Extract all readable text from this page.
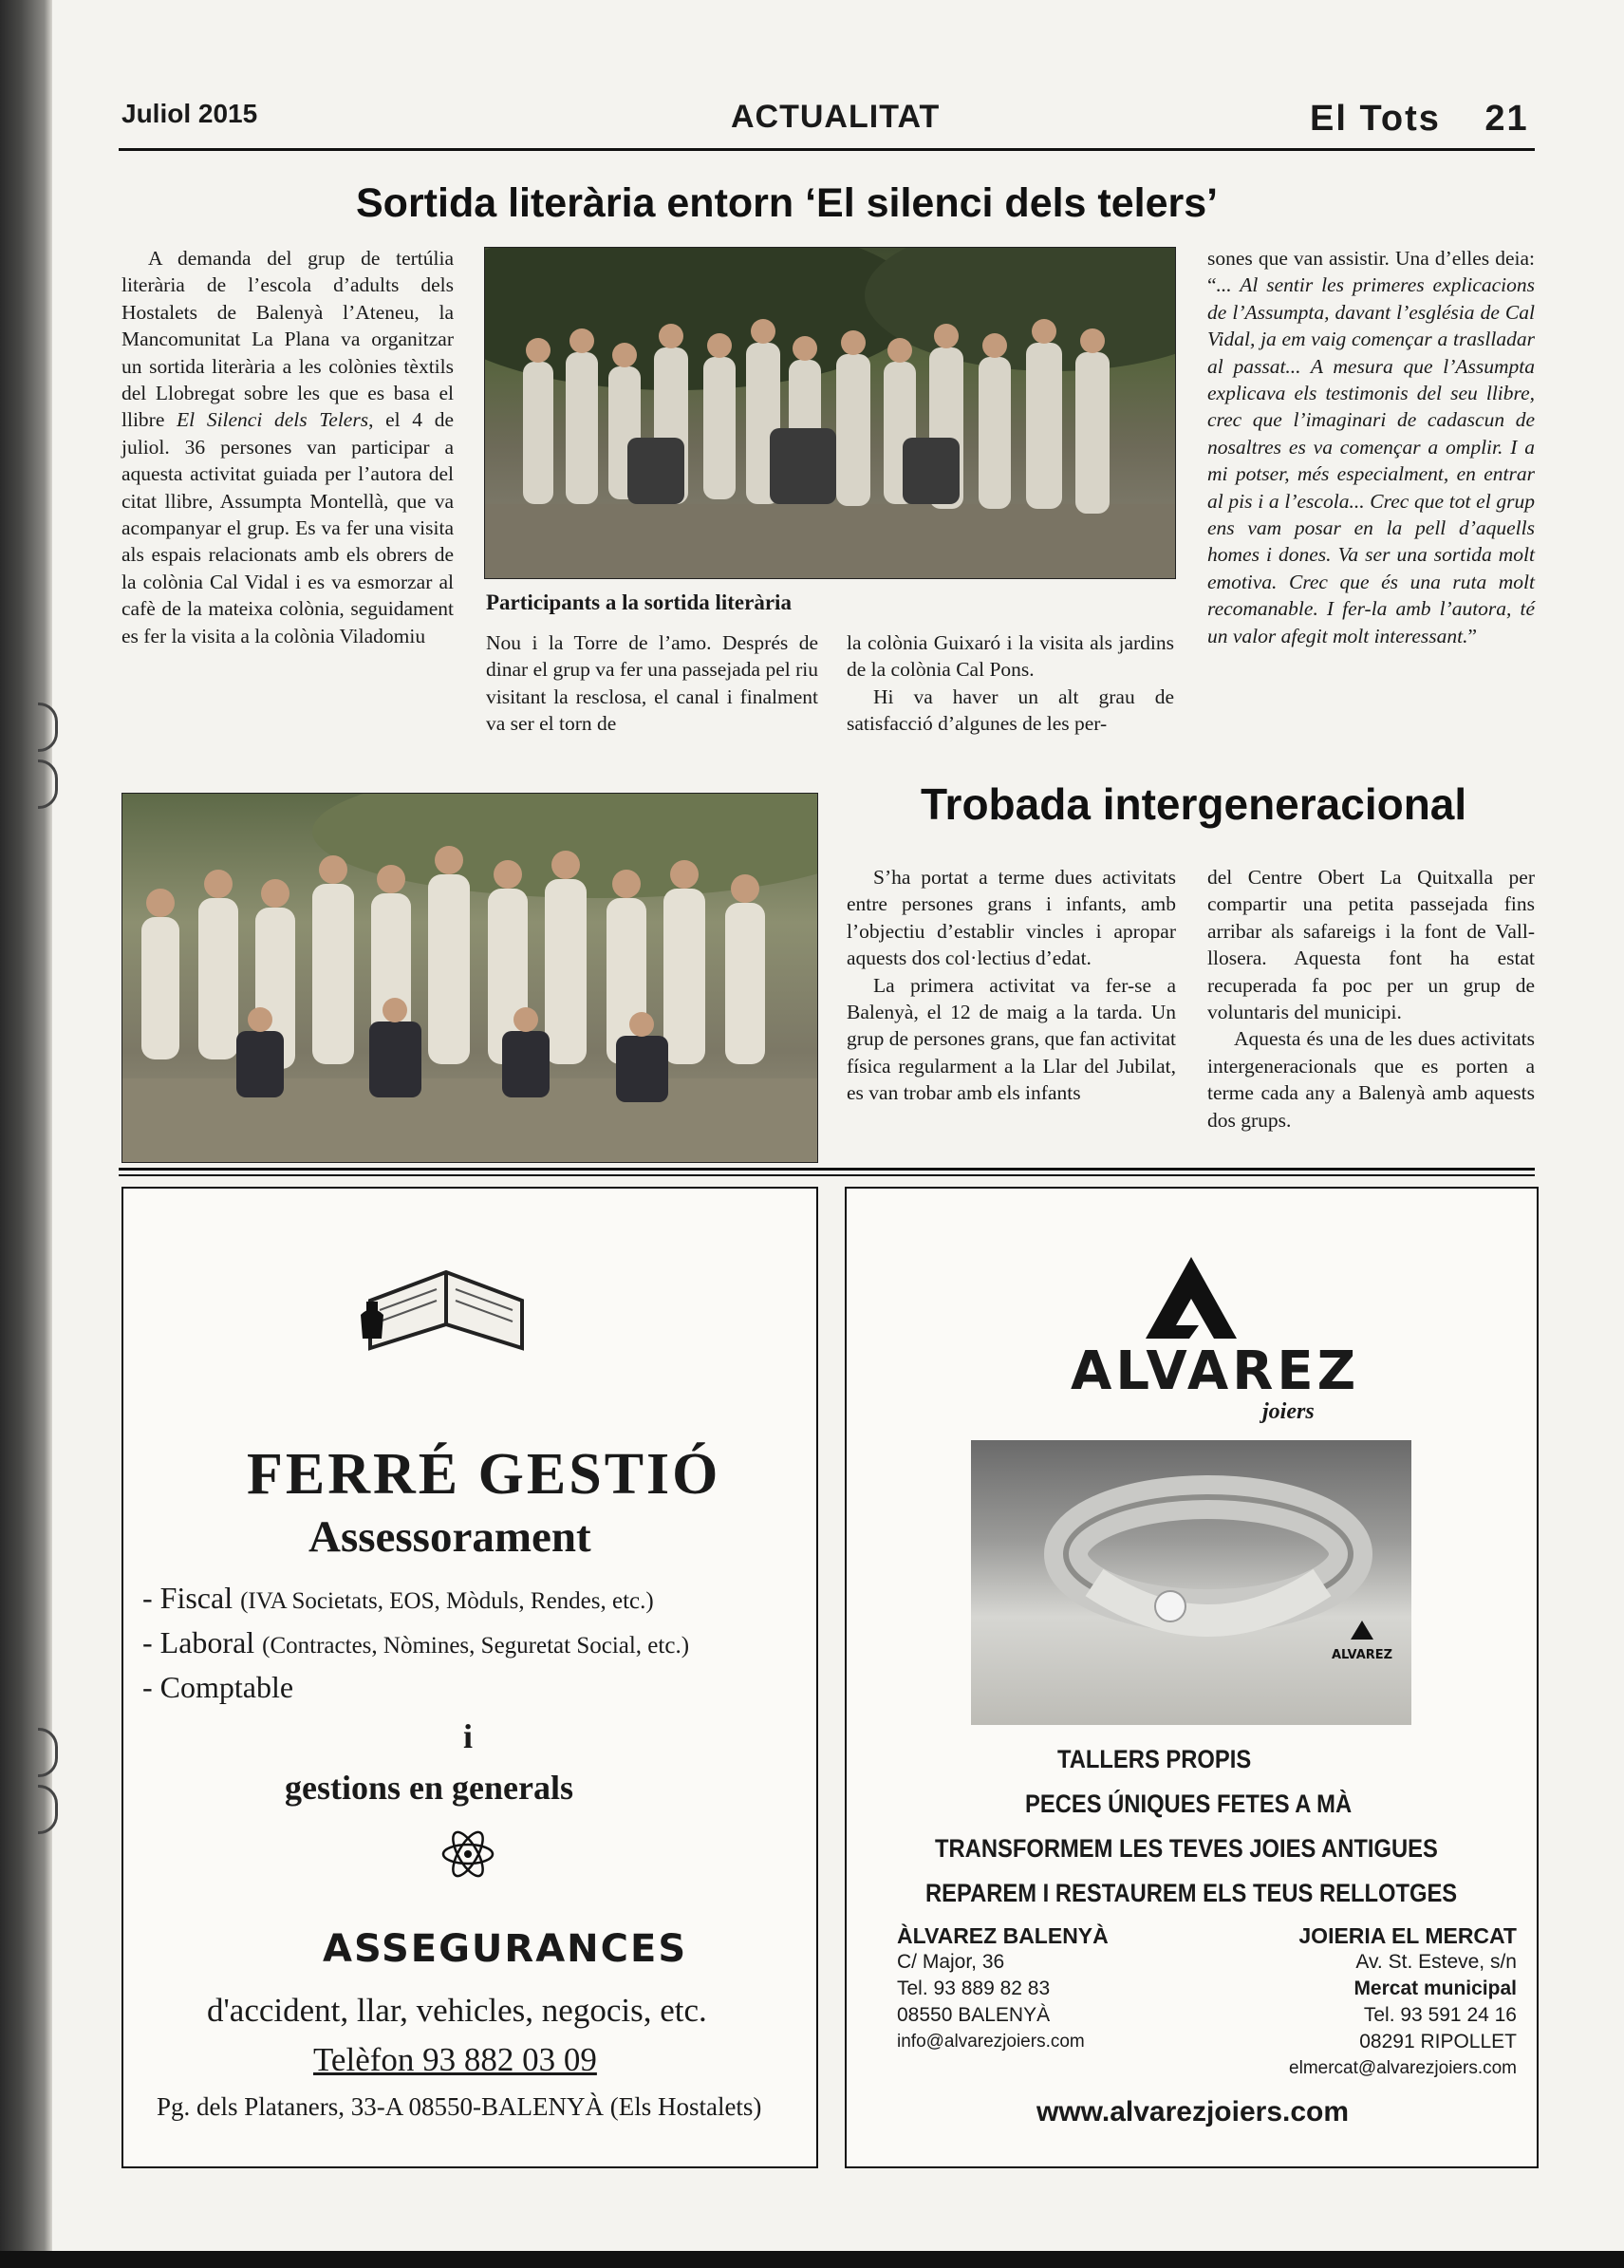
Juliol 2015	ACTUALITAT	El Tots 21
Sortida literària entorn ‘El silenci dels telers’

A demanda del grup de tertúlia literària de l’escola d’adults dels Hostalets de Balenyà l’Ateneu, la Mancomunitat La Plana va organitzar un sortida literària a les colònies tèxtils del Llobregat sobre les que es basa el llibre El Silenci dels Telers, el 4 de juliol. 36 persones van participar a aquesta activitat guiada per l’autora del citat llibre, Assumpta Montellà, que va acompanyar el grup. Es va fer una visita als espais relacionats amb els obrers de la colònia Cal Vidal i es va esmorzar al cafè de la mateixa colònia, seguidament es fer la visita a la colònia Viladomiu

Participants a la sortida literària

Nou i la Torre de l’amo. Després de dinar el grup va fer una passejada pel riu visitant la resclosa, el canal i finalment va ser el torn de

la colònia Guixaró i la visita als jardins de la colònia Cal Pons.

Hi va haver un alt grau de satisfacció d’algunes de les per-

sones que van assistir. Una d’elles deia: “... Al sentir les primeres explicacions de l’Assumpta, davant l’església de Cal Vidal, ja em vaig començar a traslladar al passat... A mesura que l’Assumpta explicava els testimonis del seu llibre, crec que l’imaginari de cadascun de nosaltres es va començar a omplir. I a mi potser, més especialment, en entrar al pis i a l’escola... Crec que tot el grup ens vam posar en la pell d’aquells homes i dones. Va ser una sortida molt emotiva. Crec que és una ruta molt recomanable. I fer-la amb l’autora, té un valor afegit molt interessant.”

Trobada intergeneracional

S’ha portat a terme dues activitats entre persones grans i infants, amb l’objectiu d’establir vincles i apropar aquests dos col·lectius d’edat.

La primera activitat va fer-se a Balenyà, el 12 de maig a la tarda. Un grup de persones grans, que fan activitat física regularment a la Llar del Jubilat, es van trobar amb els infants

del Centre Obert La Quitxalla per compartir una petita passejada fins arribar als safareigs i la font de Vall-llosera. Aquesta font ha estat recuperada fa poc per un grup de voluntaris del municipi.

Aquesta és una de les dues activitats intergeneracionals que es porten a terme cada any a Balenyà amb aquests dos grups.

FERRÉ GESTIÓ
Assessorament
- Fiscal (IVA Societats, EOS, Mòduls, Rendes, etc.)
- Laboral (Contractes, Nòmines, Seguretat Social, etc.)
- Comptable
i
gestions en generals
ASSEGURANCES
d'accident, llar, vehicles, negocis, etc.
Telèfon 93 882 03 09
Pg. dels Plataners, 33-A 08550-BALENYÀ (Els Hostalets)
ALVAREZ
joiers
ALVAREZ
TALLERS PROPIS
PECES ÚNIQUES FETES A MÀ
TRANSFORMEM LES TEVES JOIES ANTIGUES
REPAREM I RESTAUREM ELS TEUS RELLOTGES
ÀLVAREZ BALENYÀ
C/ Major, 36
Tel. 93 889 82 83
08550 BALENYÀ
info@alvarezjoiers.com
JOIERIA EL MERCAT
Av. St. Esteve, s/n
Mercat municipal
Tel. 93 591 24 16
08291 RIPOLLET
elmercat@alvarezjoiers.com
www.alvarezjoiers.com
